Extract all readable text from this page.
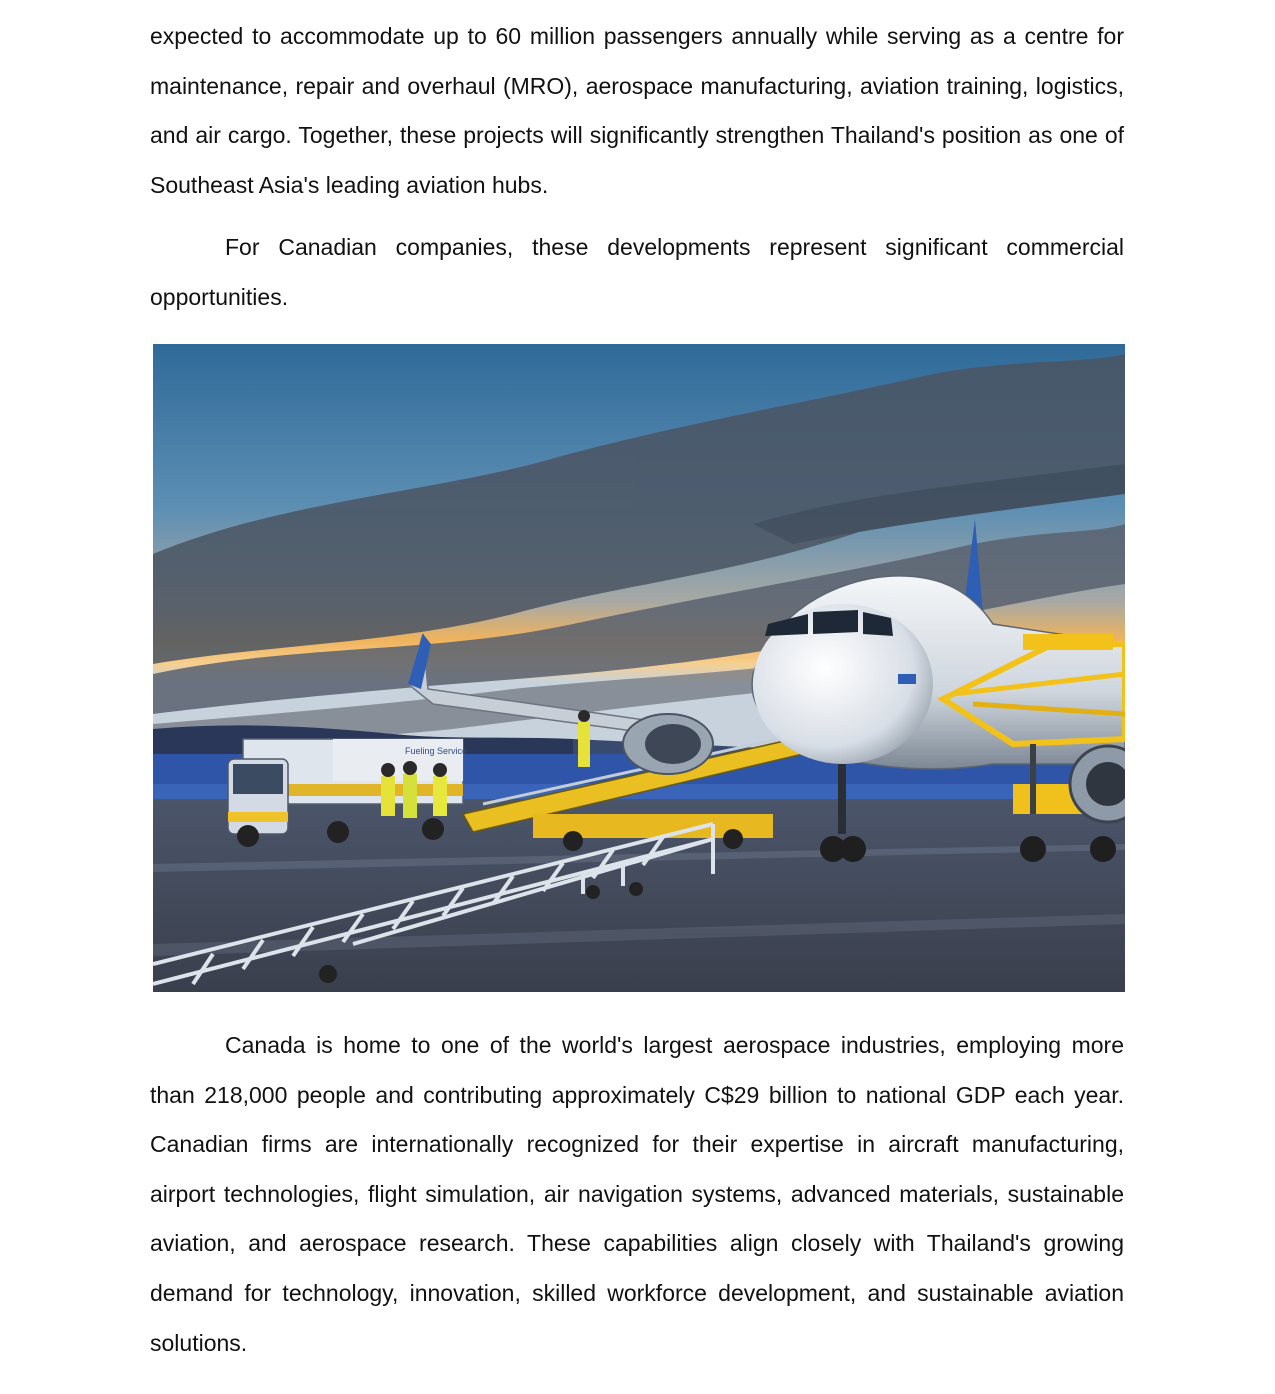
expected to accommodate up to 60 million passengers annually while serving as a centre for maintenance, repair and overhaul (MRO), aerospace manufacturing, aviation training, logistics, and air cargo. Together, these projects will significantly strengthen Thailand's position as one of Southeast Asia's leading aviation hubs.

For Canadian companies, these developments represent significant commercial opportunities.

Fueling Service

Canada is home to one of the world's largest aerospace industries, employing more than 218,000 people and contributing approximately C$29 billion to national GDP each year. Canadian firms are internationally recognized for their expertise in aircraft manufacturing, airport technologies, flight simulation, air navigation systems, advanced materials, sustainable aviation, and aerospace research. These capabilities align closely with Thailand's growing demand for technology, innovation, skilled workforce development, and sustainable aviation solutions.
